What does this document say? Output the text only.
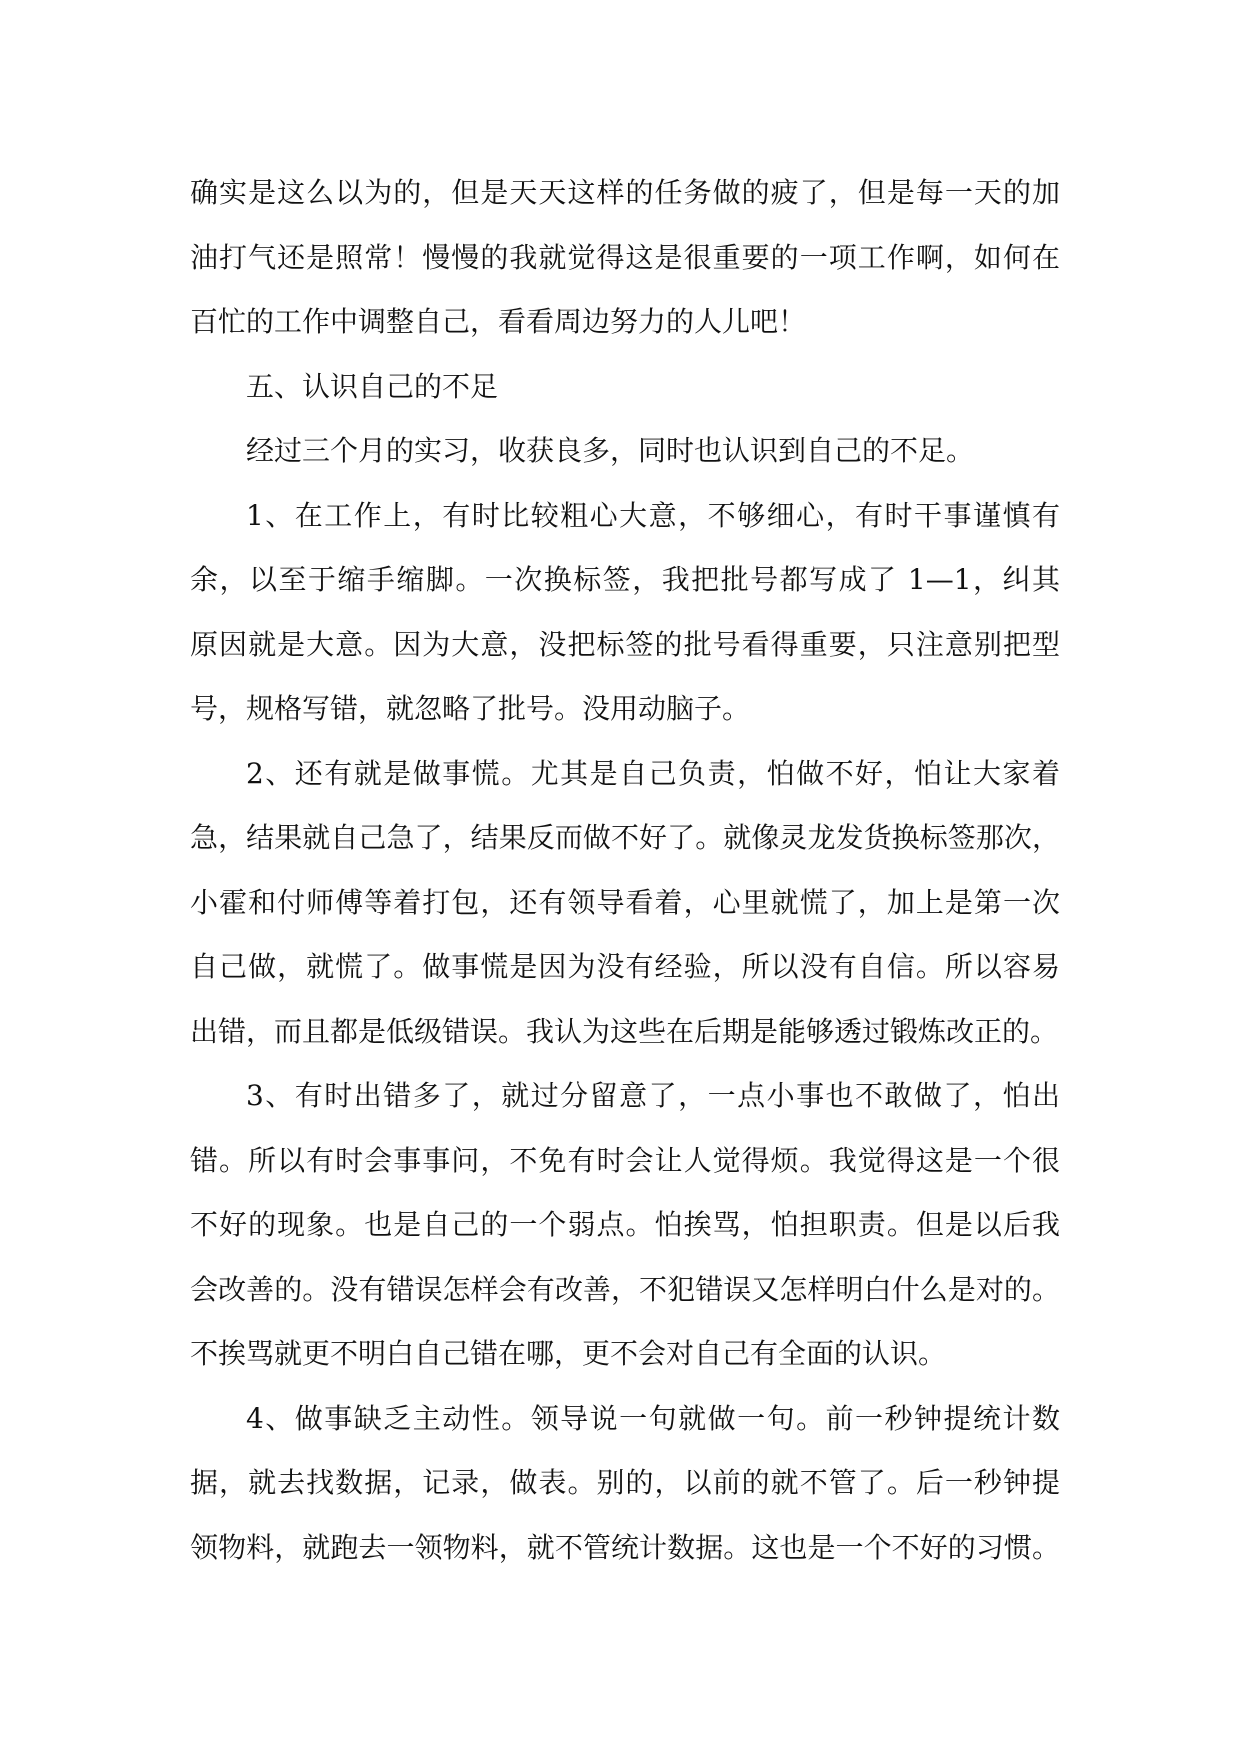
确实是这么以为的，但是天天这样的任务做的疲了，但是每一天的加
油打气还是照常！慢慢的我就觉得这是很重要的一项工作啊，如何在
百忙的工作中调整自己，看看周边努力的人儿吧！
五、认识自己的不足
经过三个月的实习，收获良多，同时也认识到自己的不足。
1、在工作上，有时比较粗心大意，不够细心，有时干事谨慎有
余，以至于缩手缩脚。一次换标签，我把批号都写成了 1—1，纠其
原因就是大意。因为大意，没把标签的批号看得重要，只注意别把型
号，规格写错，就忽略了批号。没用动脑子。
2、还有就是做事慌。尤其是自己负责，怕做不好，怕让大家着
急，结果就自己急了，结果反而做不好了。就像灵龙发货换标签那次，
小霍和付师傅等着打包，还有领导看着，心里就慌了，加上是第一次
自己做，就慌了。做事慌是因为没有经验，所以没有自信。所以容易
出错，而且都是低级错误。我认为这些在后期是能够透过锻炼改正的。
3、有时出错多了，就过分留意了，一点小事也不敢做了，怕出
错。所以有时会事事问，不免有时会让人觉得烦。我觉得这是一个很
不好的现象。也是自己的一个弱点。怕挨骂，怕担职责。但是以后我
会改善的。没有错误怎样会有改善，不犯错误又怎样明白什么是对的。
不挨骂就更不明白自己错在哪，更不会对自己有全面的认识。
4、做事缺乏主动性。领导说一句就做一句。前一秒钟提统计数
据，就去找数据，记录，做表。别的，以前的就不管了。后一秒钟提
领物料，就跑去一领物料，就不管统计数据。这也是一个不好的习惯。
